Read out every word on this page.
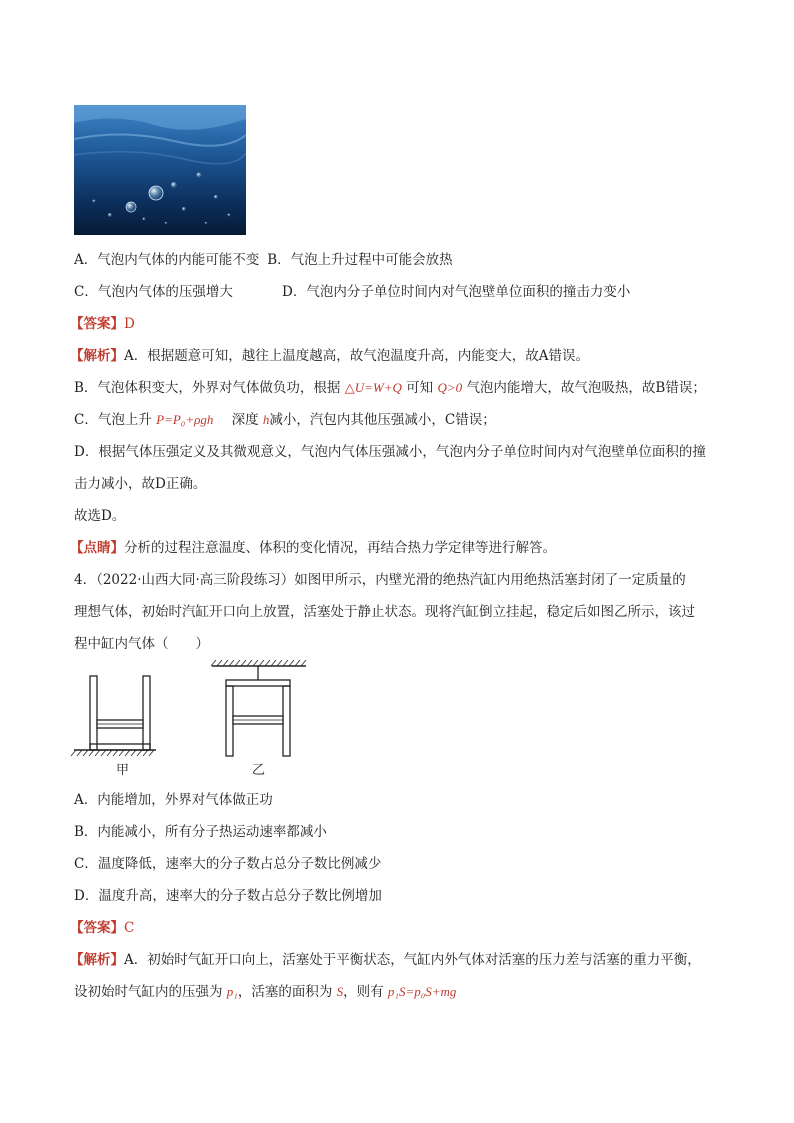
A．气泡内气体的内能可能不变 B．气泡上升过程中可能会放热
C．气泡内气体的压强增大	D．气泡内分子单位时间内对气泡壁单位面积的撞击力变小
【答案】D
【解析】A．根据题意可知，越往上温度越高，故气泡温度升高，内能变大，故A错误。
B．气泡体积变大，外界对气体做负功，根据 △U=W+Q 可知 Q>0 气泡内能增大，故气泡吸热，故B错误；
C．气泡上升 P=P₀+ρgh 深度 h减小，汽包内其他压强减小，C错误；
D．根据气体压强定义及其微观意义，气泡内气体压强减小，气泡内分子单位时间内对气泡壁单位面积的撞
击力减小，故D正确。
故选D。
【点睛】分析的过程注意温度、体积的变化情况，再结合热力学定律等进行解答。
4．（2022·山西大同·高三阶段练习）如图甲所示，内壁光滑的绝热汽缸内用绝热活塞封闭了一定质量的
理想气体，初始时汽缸开口向上放置，活塞处于静止状态。现将汽缸倒立挂起，稳定后如图乙所示，该过
程中缸内气体（　　）
甲	乙
A．内能增加，外界对气体做正功
B．内能减小，所有分子热运动速率都减小
C．温度降低，速率大的分子数占总分子数比例减少
D．温度升高，速率大的分子数占总分子数比例增加
【答案】C
【解析】A．初始时气缸开口向上，活塞处于平衡状态，气缸内外气体对活塞的压力差与活塞的重力平衡，
设初始时气缸内的压强为 p₁，活塞的面积为 S，则有 p₁S=p₀S+mg
